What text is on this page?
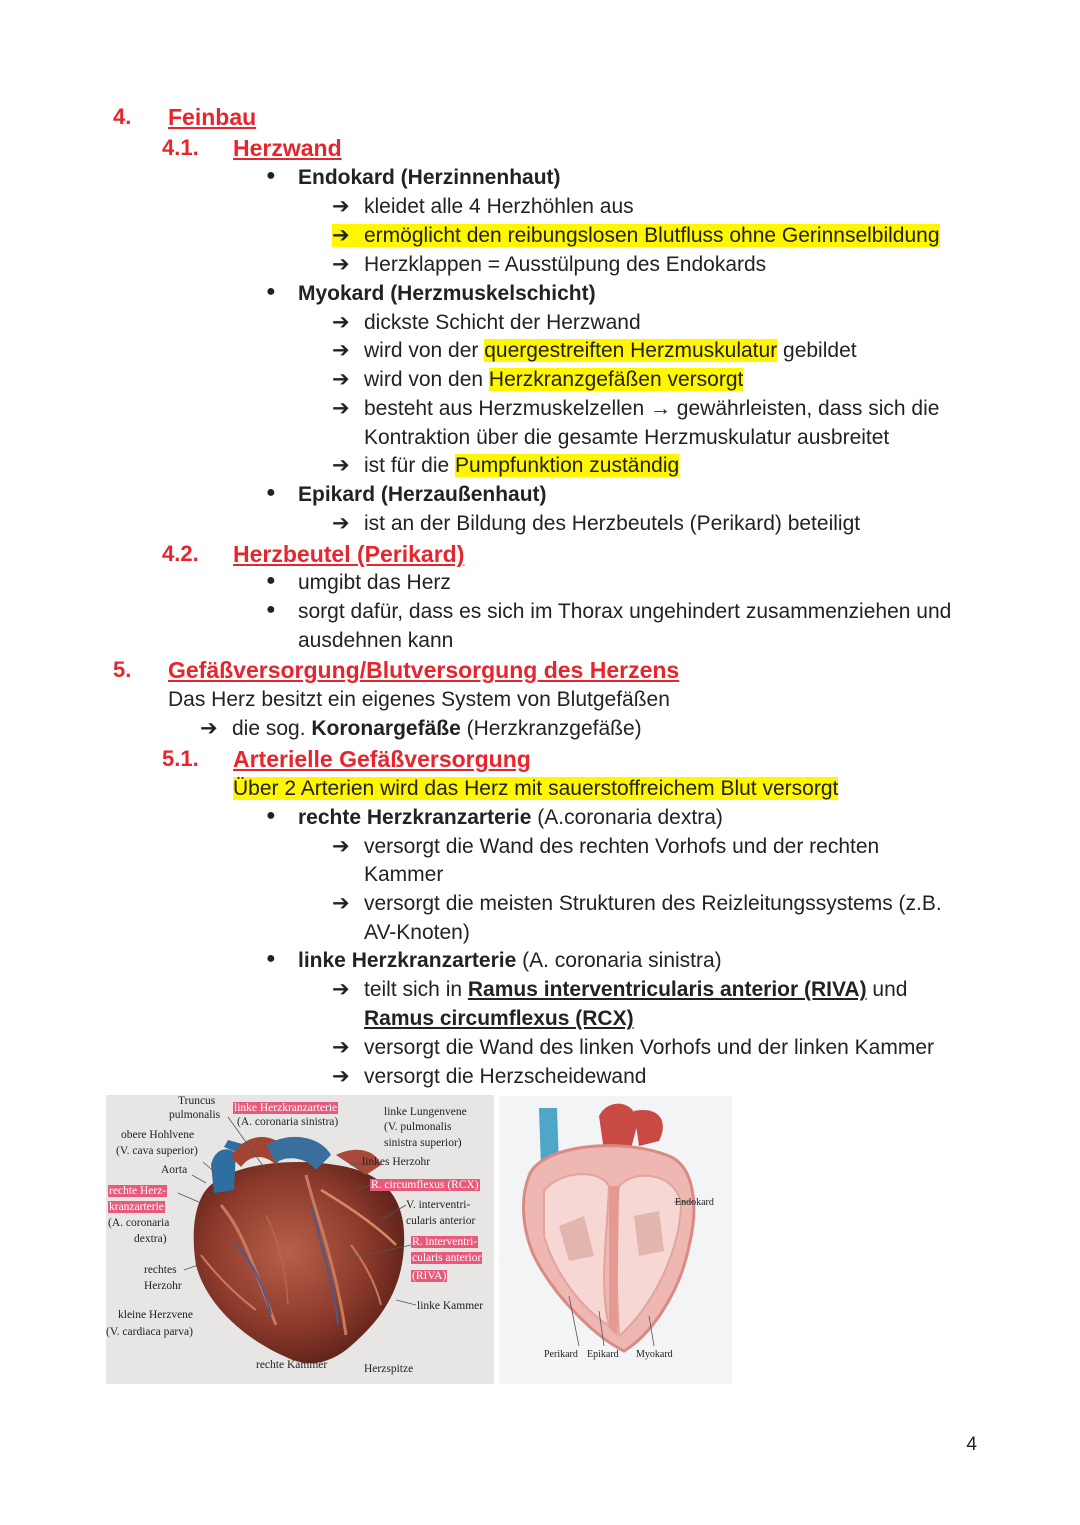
4. Feinbau
4.1. Herzwand
● Endokard (Herzinnenhaut)
➔ kleidet alle 4 Herzhöhlen aus
➔ ermöglicht den reibungslosen Blutfluss ohne Gerinnselbildung
➔ Herzklappen = Ausstülpung des Endokards
● Myokard (Herzmuskelschicht)
➔ dickste Schicht der Herzwand
➔ wird von der quergestreiften Herzmuskulatur gebildet
➔ wird von den Herzkranzgefäßen versorgt
➔ besteht aus Herzmuskelzellen → gewährleisten, dass sich die
Kontraktion über die gesamte Herzmuskulatur ausbreitet
➔ ist für die Pumpfunktion zuständig
● Epikard (Herzaußenhaut)
➔ ist an der Bildung des Herzbeutels (Perikard) beteiligt
4.2. Herzbeutel (Perikard)
● umgibt das Herz
● sorgt dafür, dass es sich im Thorax ungehindert zusammenziehen und
ausdehnen kann
5. Gefäßversorgung/Blutversorgung des Herzens
Das Herz besitzt ein eigenes System von Blutgefäßen
➔ die sog. Koronargefäße (Herzkranzgefäße)
5.1. Arterielle Gefäßversorgung
Über 2 Arterien wird das Herz mit sauerstoffreichem Blut versorgt
● rechte Herzkranzarterie (A.coronaria dextra)
➔ versorgt die Wand des rechten Vorhofs und der rechten
Kammer
➔ versorgt die meisten Strukturen des Reizleitungssystems (z.B.
AV-Knoten)
● linke Herzkranzarterie (A. coronaria sinistra)
➔ teilt sich in Ramus interventricularis anterior (RIVA) und
Ramus circumflexus (RCX)
➔ versorgt die Wand des linken Vorhofs und der linken Kammer
➔ versorgt die Herzscheidewand
Truncus
pulmonalis
linke Herzkranzarterie
(A. coronaria sinistra)
linke Lungenvene
(V. pulmonalis
sinistra superior)
obere Hohlvene
(V. cava superior)
linkes Herzohr
Aorta
R. circumflexus (RCX)
rechte Herz-
kranzarterie
(A. coronaria
dextra)
V. interventri-
cularis anterior
R. interventri-
cularis anterior
(RIVA)
rechtes
Herzohr
linke Kammer
kleine Herzvene
(V. cardiaca parva)
rechte Kammer	Herzspitze
Endokard
Perikard Epikard Myokard
4
